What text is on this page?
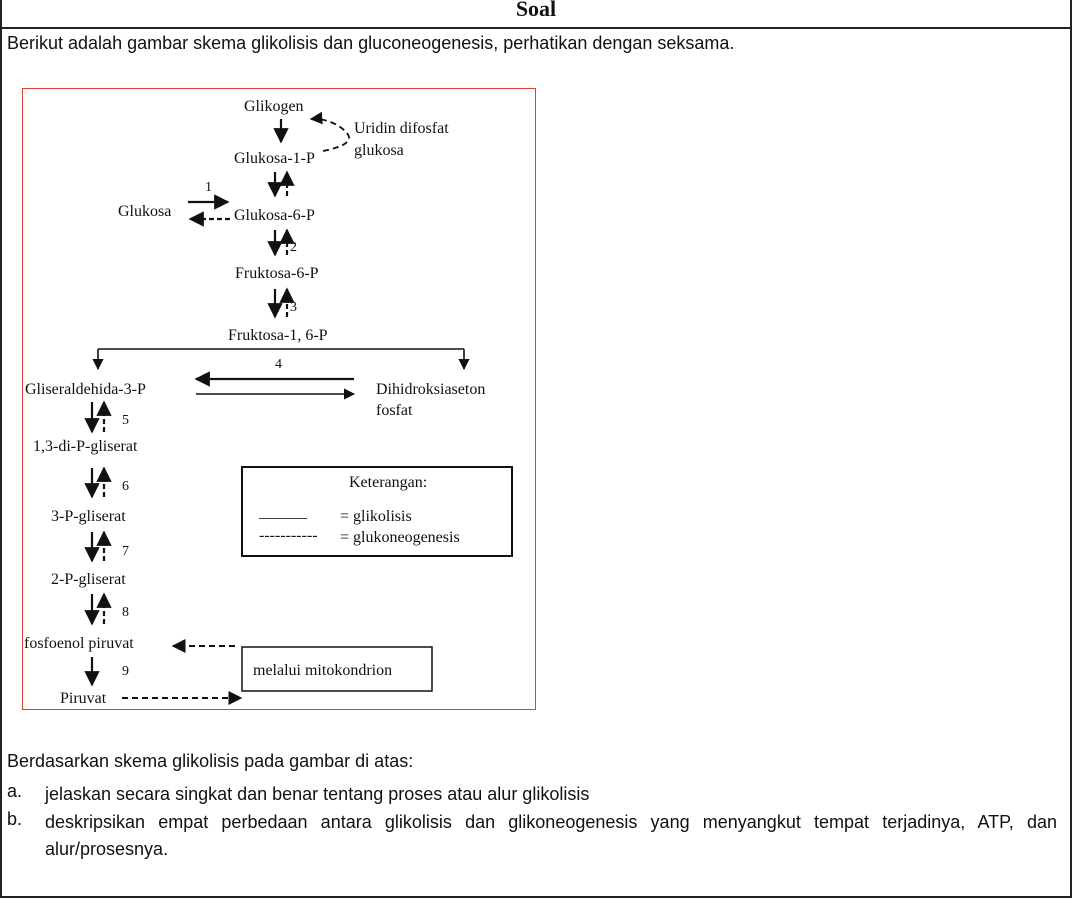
Soal
Berikut adalah gambar skema glikolisis dan gluconeogenesis, perhatikan dengan seksama.
Glikogen
Uridin difosfat
glukosa
Glukosa-1-P
Glukosa	Glukosa-6-P
Fruktosa-6-P
Fruktosa-1, 6-P
Gliseraldehida-3-P	Dihidroksiaseton
fosfat
1,3-di-P-gliserat
3-P-gliserat
2-P-gliserat
fosfoenol piruvat
Piruvat
1
2
3
4
5
6
7
8
9	melalui mitokondrion
Keterangan:
______ = glikolisis
----------- = glukoneogenesis
Berdasarkan skema glikolisis pada gambar di atas:
a. jelaskan secara singkat dan benar tentang proses atau alur glikolisis
b. deskripsikan empat perbedaan antara glikolisis dan glikoneogenesis yang menyangkut tempat terjadinya, ATP, dan alur/prosesnya.
